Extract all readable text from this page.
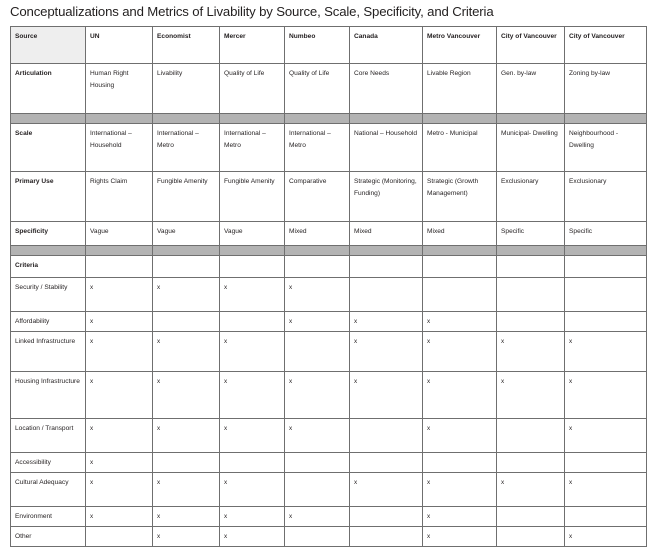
Conceptualizations and Metrics of Livability by Source, Scale, Specificity, and Criteria
Source	UN	Economist	Mercer	Numbeo	Canada	Metro Vancouver	City of Vancouver	City of Vancouver
Articulation	Human Right Housing	Livability	Quality of Life	Quality of Life	Core Needs	Livable Region	Gen. by-law	Zoning by-law

Scale	International – Household	International – Metro	International – Metro	International – Metro	National – Household	Metro - Municipal	Municipal- Dwelling	Neighbourhood - Dwelling
Primary Use	Rights Claim	Fungible Amenity	Fungible Amenity	Comparative	Strategic (Monitoring, Funding)	Strategic (Growth Management)	Exclusionary	Exclusionary
Specificity	Vague	Vague	Vague	Mixed	Mixed	Mixed	Specific	Specific

Criteria								
Security / Stability	x	x	x	x				
Affordability	x			x	x	x		
Linked Infrastructure	x	x	x		x	x	x	x
Housing Infrastructure	x	x	x	x	x	x	x	x
Location / Transport	x	x	x	x		x		x
Accessibility	x							
Cultural Adequacy	x	x	x		x	x	x	x
Environment	x	x	x	x		x		
Other		x	x			x		x
